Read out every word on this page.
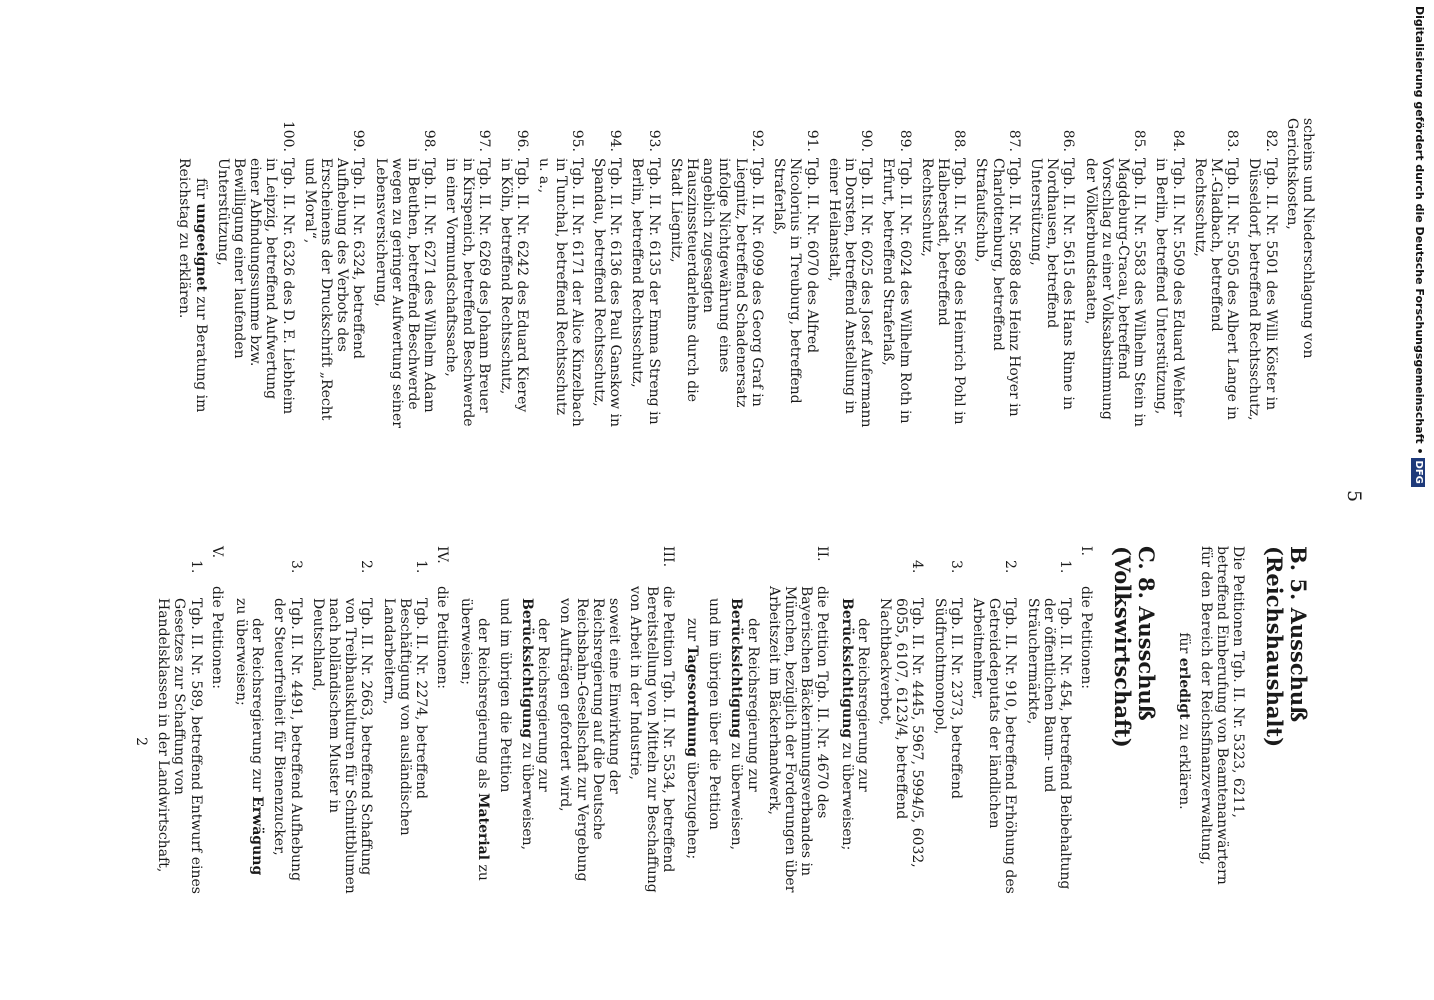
5

scheins und Niederschlagung von Gerichtskosten,

82.
Tgb. II. Nr. 5501 des Willi Köster in Düsseldorf, betreffend Rechtsschutz,
83.
Tgb. II. Nr. 5505 des Albert Lange in M.-Gladbach, betreffend Rechtsschutz,
84.
Tgb. II. Nr. 5509 des Eduard Wehfer in Berlin, betreffend Unterstützung,
85.
Tgb. II. Nr. 5583 des Wilhelm Stein in Magdeburg-Cracau, betreffend Vorschlag zu einer Volksabstimmung der Völkerbundstaaten,
86.
Tgb. II. Nr. 5615 des Hans Rinne in Nordhausen, betreffend Unterstützung,
87.
Tgb. II. Nr. 5688 des Heinz Hoyer in Charlottenburg, betreffend Strafaufschub,
88.
Tgb. II. Nr. 5689 des Heinrich Pohl in Halberstadt, betreffend Rechtsschutz,
89.
Tgb. II. Nr. 6024 des Wilhelm Roth in Erfurt, betreffend Straferlaß,
90.
Tgb. II. Nr. 6025 des Josef Aufermann in Dorsten, betreffend Anstellung in einer Heilanstalt,
91.
Tgb. II. Nr. 6070 des Alfred Nicolorius in Treuburg, betreffend Straferlaß,
92.
Tgb. II. Nr. 6099 des Georg Graf in Liegnitz, betreffend Schadenersatz infolge Nichtgewährung eines angeblich zugesagten Hauszinssteuerdarlehns durch die Stadt Liegnitz,
93.
Tgb. II. Nr. 6135 der Emma Streng in Berlin, betreffend Rechtsschutz,
94.
Tgb. II. Nr. 6136 des Paul Ganskow in Spandau, betreffend Rechtsschutz,
95.
Tgb. II. Nr. 6171 der Alice Kinzelbach in Tunchal, betreffend Rechtsschutz u. a.,
96.
Tgb. II. Nr. 6242 des Eduard Kierey in Köln, betreffend Rechtsschutz,
97.
Tgb. II. Nr. 6269 des Johann Breuer in Kirspenich, betreffend Beschwerde in einer Vormundschaftssache,
98.
Tgb. II. Nr. 6271 des Wilhelm Adam in Beuthen, betreffend Beschwerde wegen zu geringer Aufwertung seiner Lebensversicherung,
99.
Tgb. II. Nr. 6324, betreffend Aufhebung des Verbots des Erscheinens der Druckschrift „Recht und Moral“,
100.
Tgb. II. Nr. 6326 des D. E. Liebheim in Leipzig, betreffend Aufwertung einer Abfindungssumme bzw. Bewilligung einer laufenden Unterstützung,

für ungeeignet zur Beratung im Reichstag zu erklären.

B. 5. Ausschuß (Reichshaushalt)

Die Petitionen Tgb. II. Nr. 5323, 6211, betreffend Einberufung von Beamtenanwärtern für den Bereich der Reichsfinanzverwaltung,

für erledigt zu erklären.

C. 8. Ausschuß (Volkswirtschaft)
I.
die Petitionen:
1.
Tgb. II. Nr. 454, betreffend Beibehaltung der öffentlichen Baum- und Sträuchermärkte,
2.
Tgb. II. Nr. 910, betreffend Erhöhung des Getreidedeputats der ländlichen Arbeitnehmer,
3.
Tgb. II. Nr. 2373, betreffend Südfruchtmonopol,
4.
Tgb. II. Nr. 4445, 5967, 5994/5, 6032, 6055, 6107, 6123/4, betreffend Nachtbackverbot,

der Reichsregierung zur Berücksichtigung zu überweisen;

II.
die Petition Tgb. II. Nr. 4670 des Bayerischen Bäckerinnungsverbandes in München, bezüglich der Forderungen über Arbeitszeit im Bäckerhandwerk,

der Reichsregierung zur Berücksichtigung zu überweisen,

und im übrigen über die Petition

zur Tagesordnung überzugehen;

III.
die Petition Tgb. II. Nr. 5534, betreffend Bereitstellung von Mitteln zur Beschaffung von Arbeit in der Industrie,

soweit eine Einwirkung der Reichsregierung auf die Deutsche Reichsbahn-Gesellschaft zur Vergebung von Aufträgen gefordert wird,

der Reichsregierung zur Berücksichtigung zu überweisen,

und im übrigen die Petition

der Reichsregierung als Material zu überweisen;

IV.
die Petitionen:
1.
Tgb. II. Nr. 2274, betreffend Beschäftigung von ausländischen Landarbeitern,
2.
Tgb. II. Nr. 2663, betreffend Schaffung von Treibhauskulturen für Schnittblumen nach holländischem Muster in Deutschland,
3.
Tgb. II. Nr. 4491, betreffend Aufhebung der Steuerfreiheit für Bienenzucker,

der Reichsregierung zur Erwägung zu überweisen;

V.
die Petitionen:
1.
Tgb. II. Nr. 589, betreffend Entwurf eines Gesetzes zur Schaffung von Handelsklassen in der Landwirtschaft,
2
Digitalisierung gefördert durch die Deutsche Forschungsgemeinschaft •DFG
